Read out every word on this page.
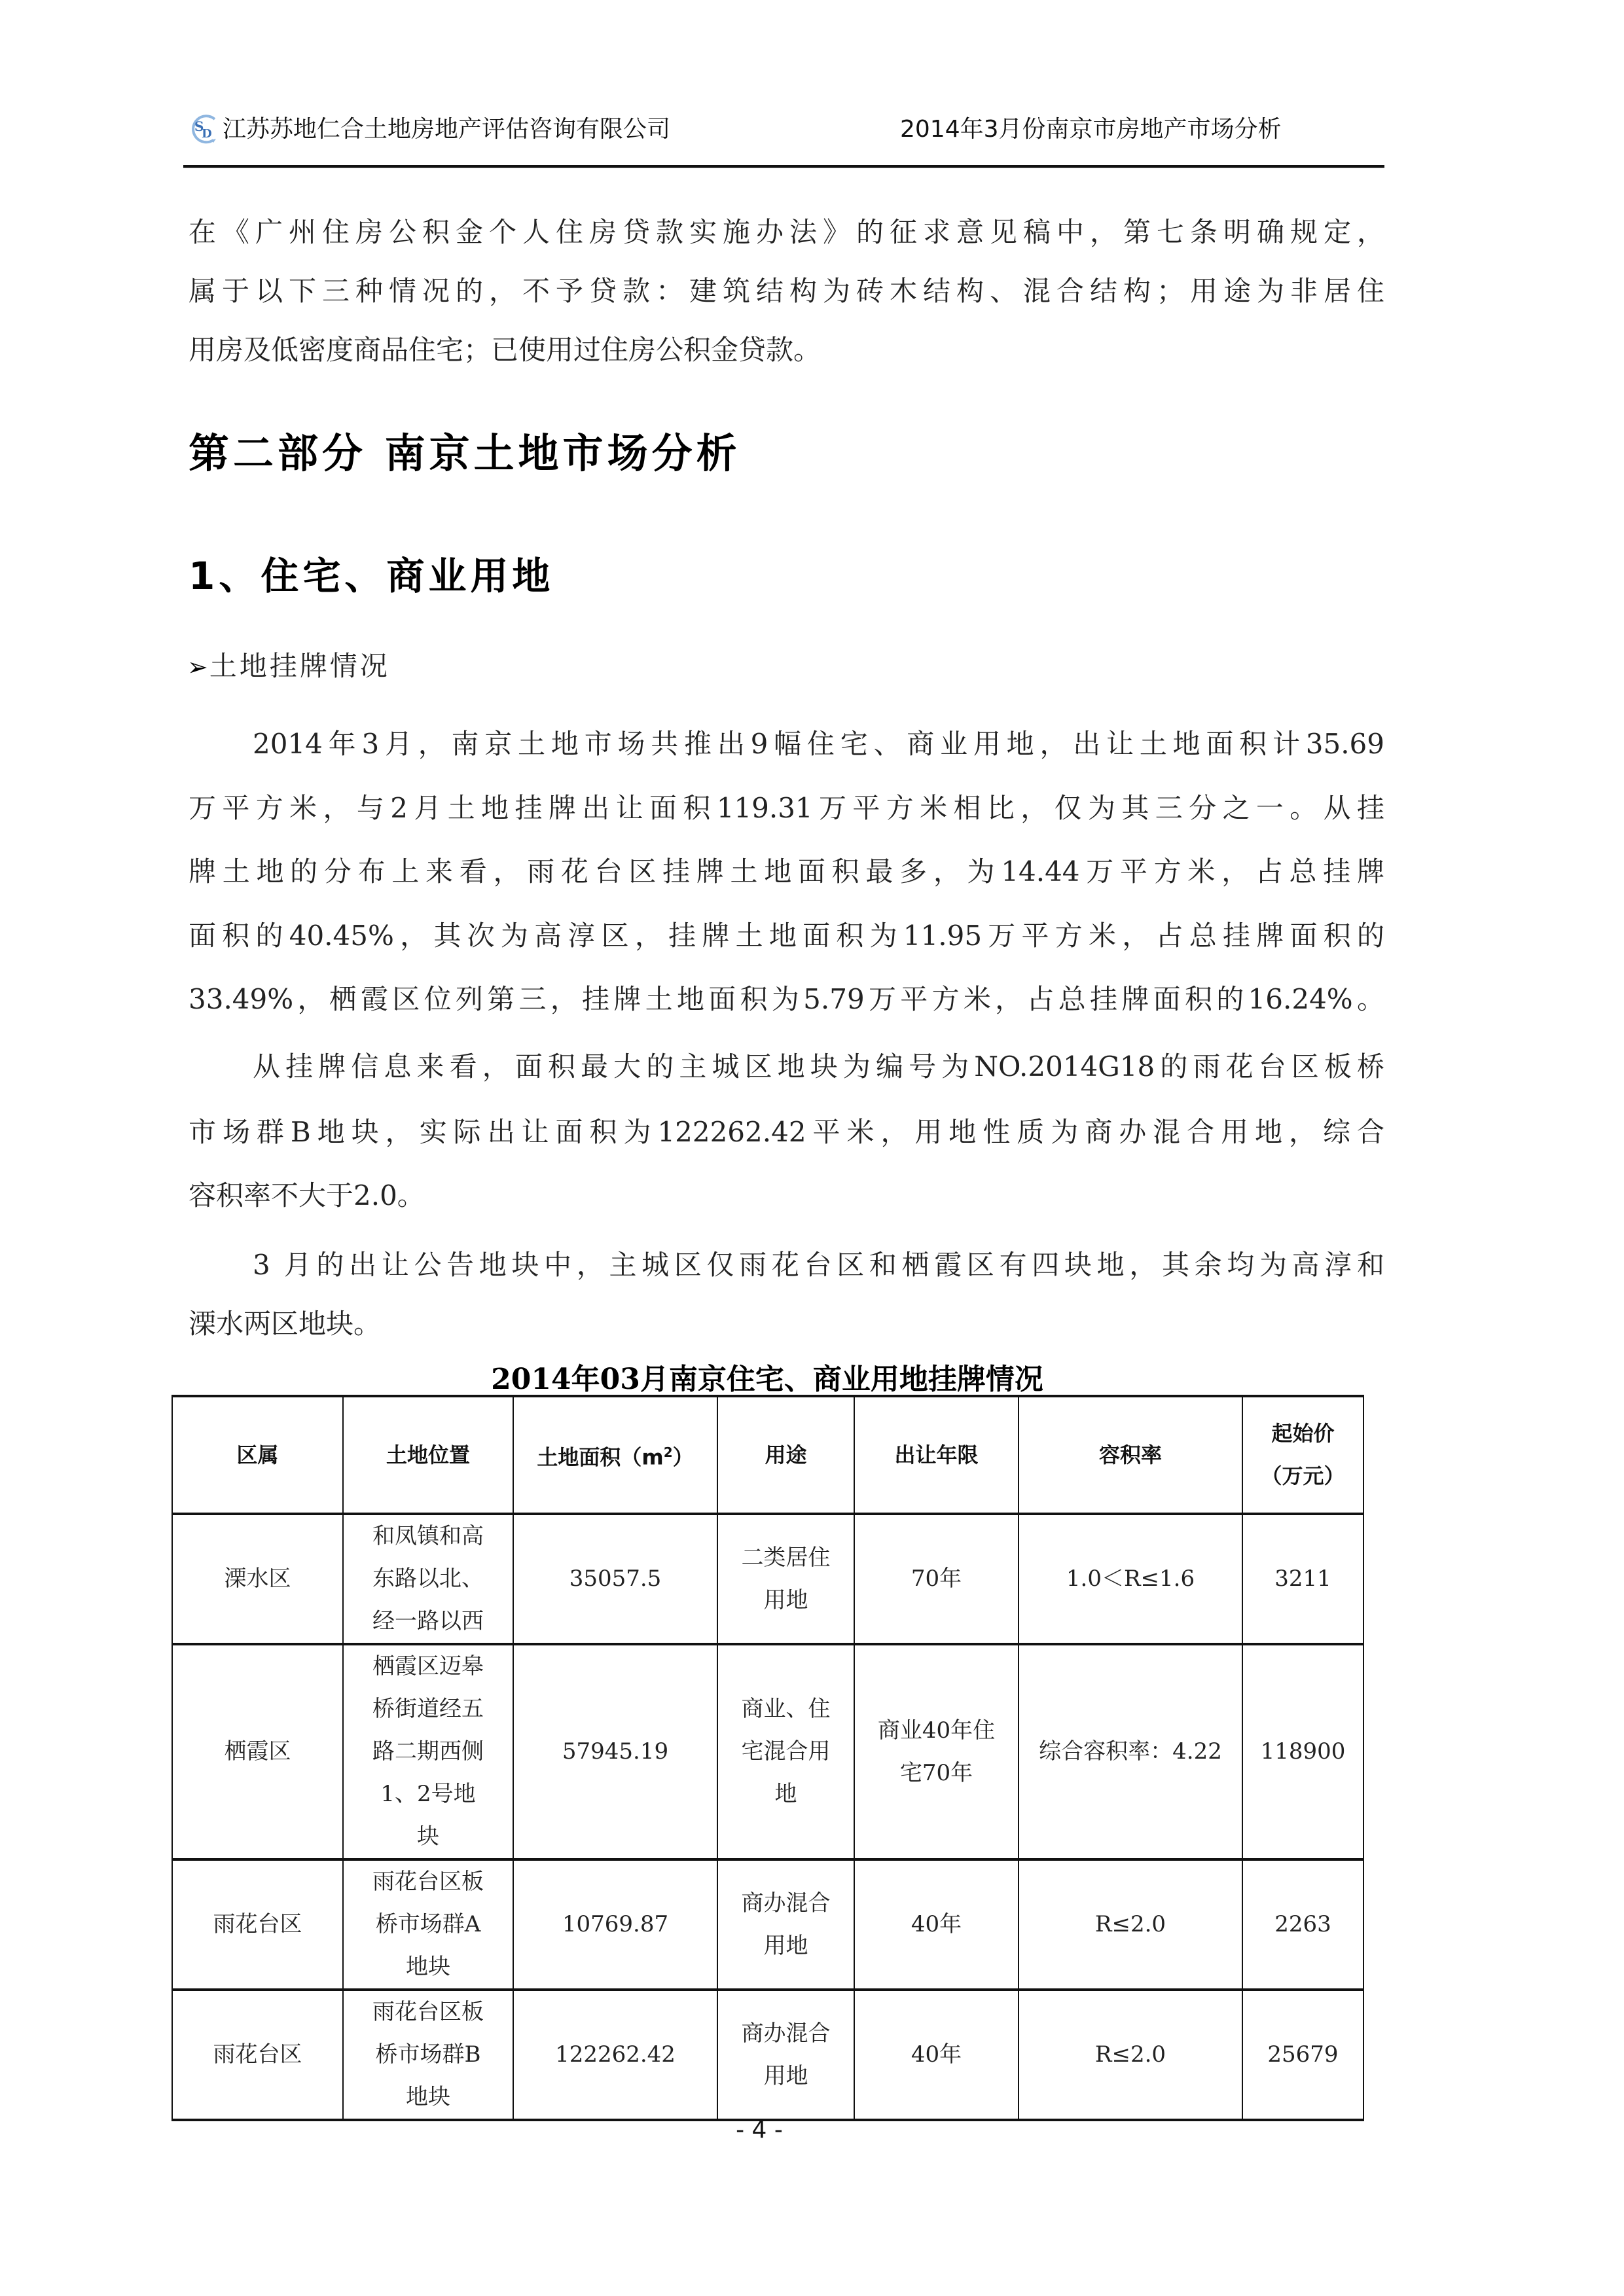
S
D 江苏苏地仁合土地房地产评估咨询有限公司	2014年3月份南京市房地产市场分析
在《广州住房公积金个人住房贷款实施办法》的征求意见稿中，第七条明确规定，
属于以下三种情况的，不予贷款：建筑结构为砖木结构、混合结构；用途为非居住
用房及低密度商品住宅；已使用过住房公积金贷款。
第二部分 南京土地市场分析
1、住宅、商业用地
➢土地挂牌情况
2014年3月，南京土地市场共推出9幅住宅、商业用地，出让土地面积计35.69
万平方米，与2月土地挂牌出让面积119.31万平方米相比，仅为其三分之一。从挂
牌土地的分布上来看，雨花台区挂牌土地面积最多，为14.44万平方米，占总挂牌
面积的40.45%，其次为高淳区，挂牌土地面积为11.95万平方米，占总挂牌面积的
33.49%，栖霞区位列第三，挂牌土地面积为5.79万平方米，占总挂牌面积的16.24%。
从挂牌信息来看，面积最大的主城区地块为编号为NO.2014G18的雨花台区板桥
市场群B地块，实际出让面积为122262.42平米，用地性质为商办混合用地，综合
容积率不大于2.0。
3 月的出让公告地块中，主城区仅雨花台区和栖霞区有四块地，其余均为高淳和
溧水两区地块。
2014年03月南京住宅、商业用地挂牌情况
区属	土地位置	土地面积$(m^2)$	用途	出让年限	容积率	起始价
（万元）

溧水区	和凤镇和高东路以北、经一路以西	35057.5	二类居住用地	70年	1.0＜R≤1.6	3211
栖霞区	栖霞区迈皋桥街道经五路二期西侧1、2号地块	57945.19	商业、住宅混合用地	商业40年住宅70年	综合容积率：4.22	118900
雨花台区	雨花台区板桥市场群A地块	10769.87	商办混合用地	40年	R≤2.0	2263
雨花台区	雨花台区板桥市场群B地块	122262.42	商办混合用地	40年	R≤2.0	25679
- 4 -
